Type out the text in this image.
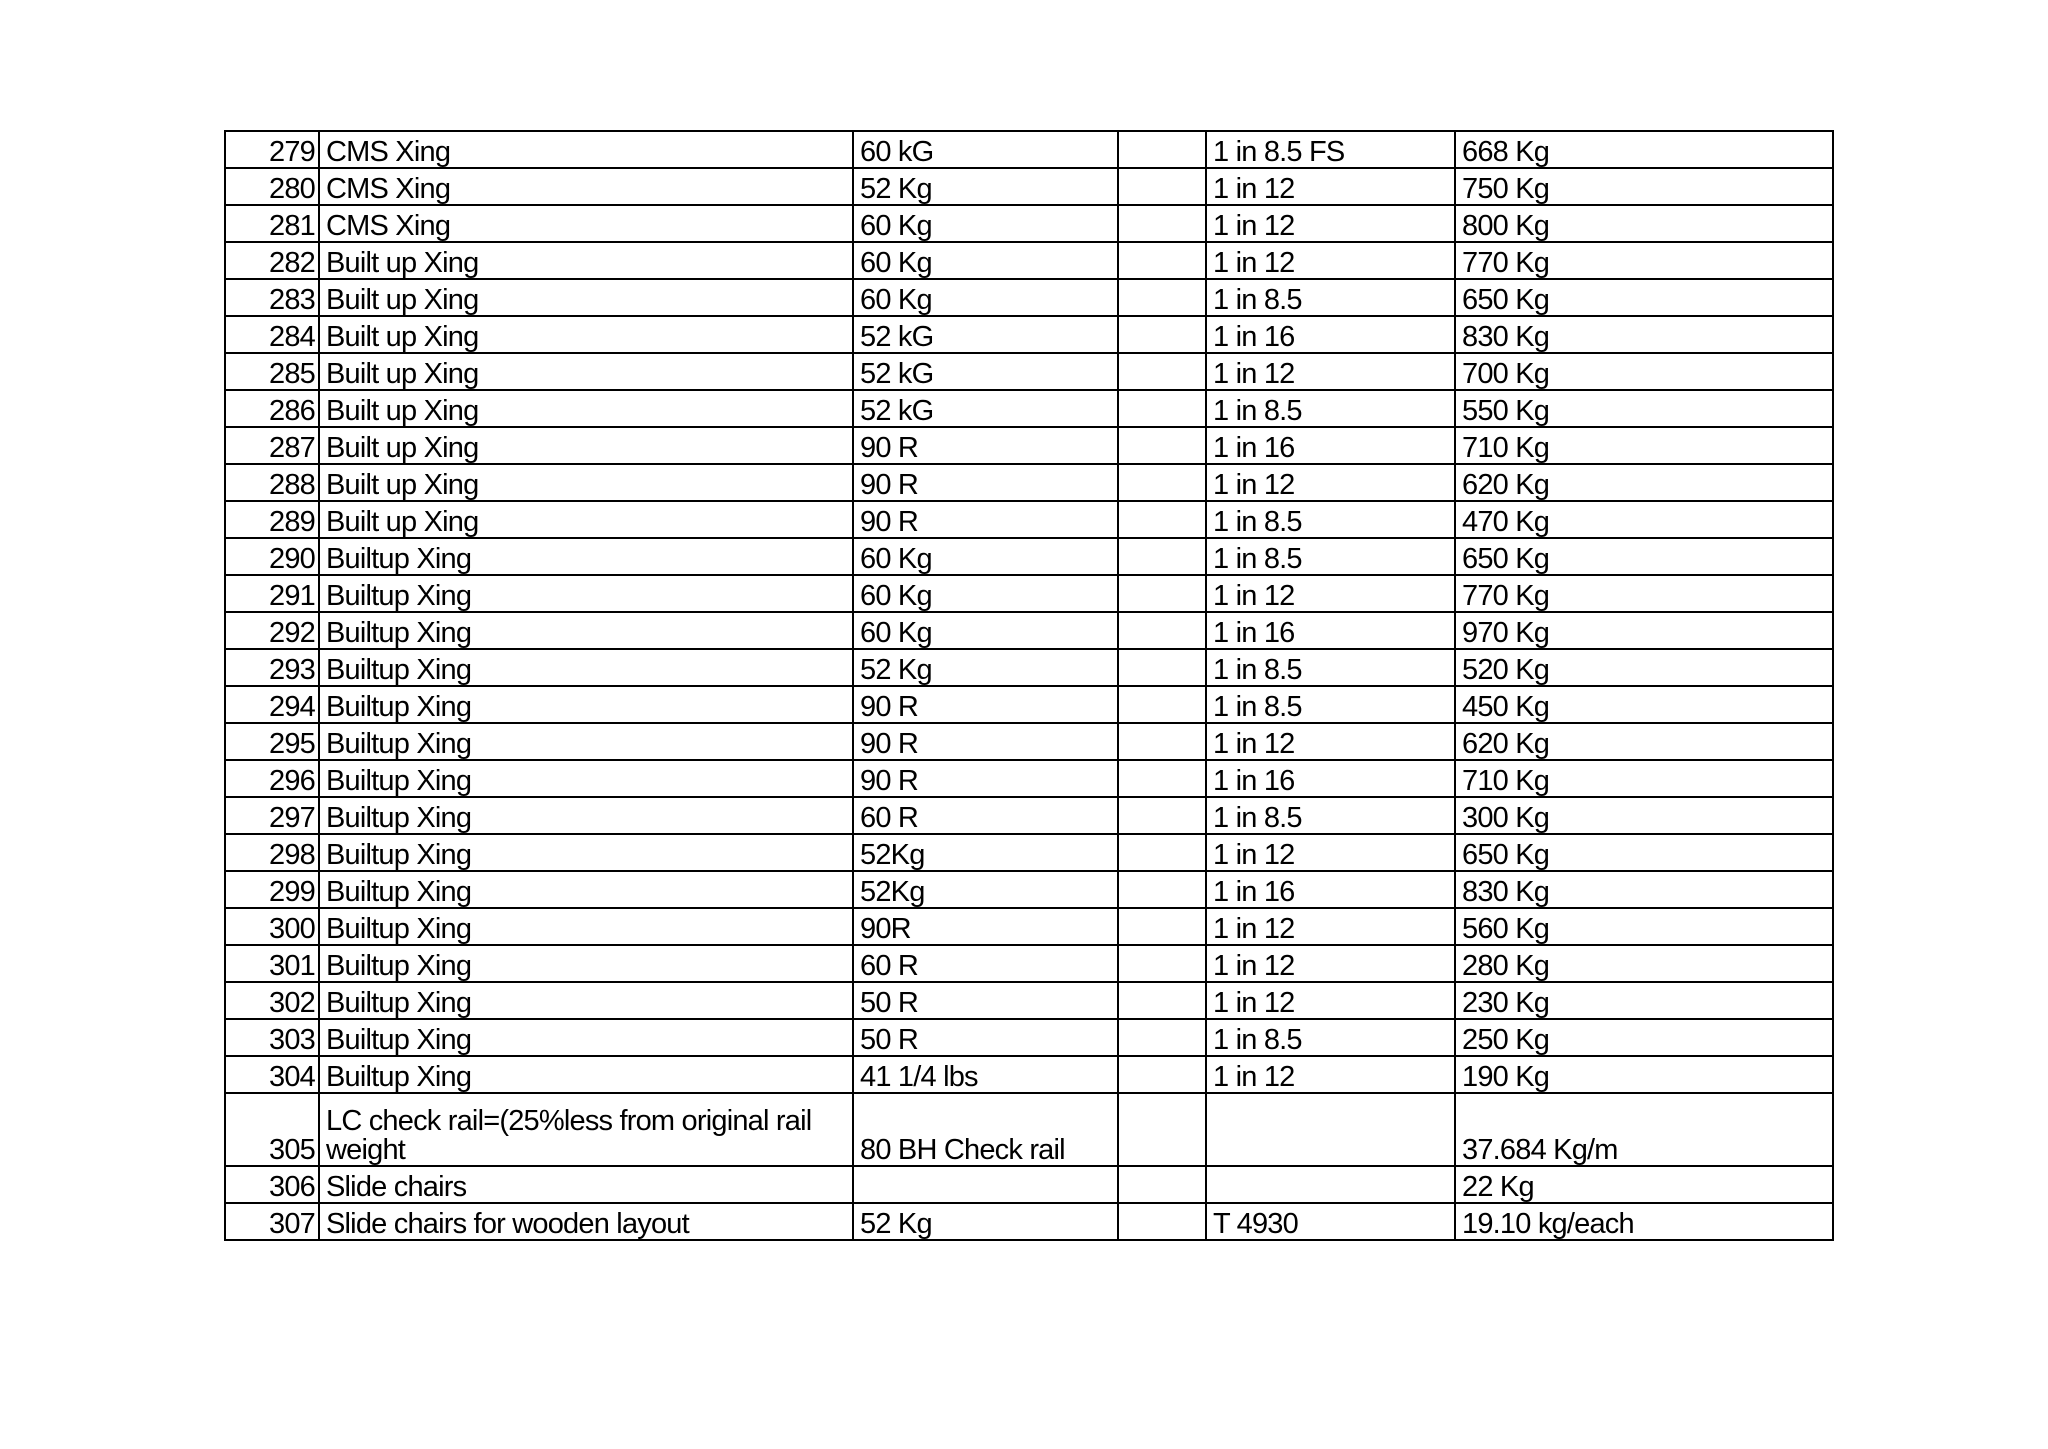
279	CMS Xing	60 kG		1 in 8.5 FS	668 Kg
280	CMS Xing	52 Kg		1 in 12	750 Kg
281	CMS Xing	60 Kg		1 in 12	800 Kg
282	Built up Xing	60 Kg		1 in 12	770 Kg
283	Built up Xing	60 Kg		1 in 8.5	650 Kg
284	Built up Xing	52 kG		1 in 16	830 Kg
285	Built up Xing	52 kG		1 in 12	700 Kg
286	Built up Xing	52 kG		1 in 8.5	550 Kg
287	Built up Xing	90 R		1 in 16	710 Kg
288	Built up Xing	90 R		1 in 12	620 Kg
289	Built up Xing	90 R		1 in 8.5	470 Kg
290	Builtup Xing	60 Kg		1 in 8.5	650 Kg
291	Builtup Xing	60 Kg		1 in 12	770 Kg
292	Builtup Xing	60 Kg		1 in 16	970 Kg
293	Builtup Xing	52 Kg		1 in 8.5	520 Kg
294	Builtup Xing	90 R		1 in 8.5	450 Kg
295	Builtup Xing	90 R		1 in 12	620 Kg
296	Builtup Xing	90 R		1 in 16	710 Kg
297	Builtup Xing	60 R		1 in 8.5	300 Kg
298	Builtup Xing	52Kg		1 in 12	650 Kg
299	Builtup Xing	52Kg		1 in 16	830 Kg
300	Builtup Xing	90R		1 in 12	560 Kg
301	Builtup Xing	60 R		1 in 12	280 Kg
302	Builtup Xing	50 R		1 in 12	230 Kg
303	Builtup Xing	50 R		1 in 8.5	250 Kg
304	Builtup Xing	41 1/4 lbs		1 in 12	190 Kg
305	LC check rail=(25%less from original rail weight	80 BH Check rail			37.684 Kg/m
306	Slide chairs				22 Kg
307	Slide chairs for wooden layout	52 Kg		T 4930	19.10 kg/each
